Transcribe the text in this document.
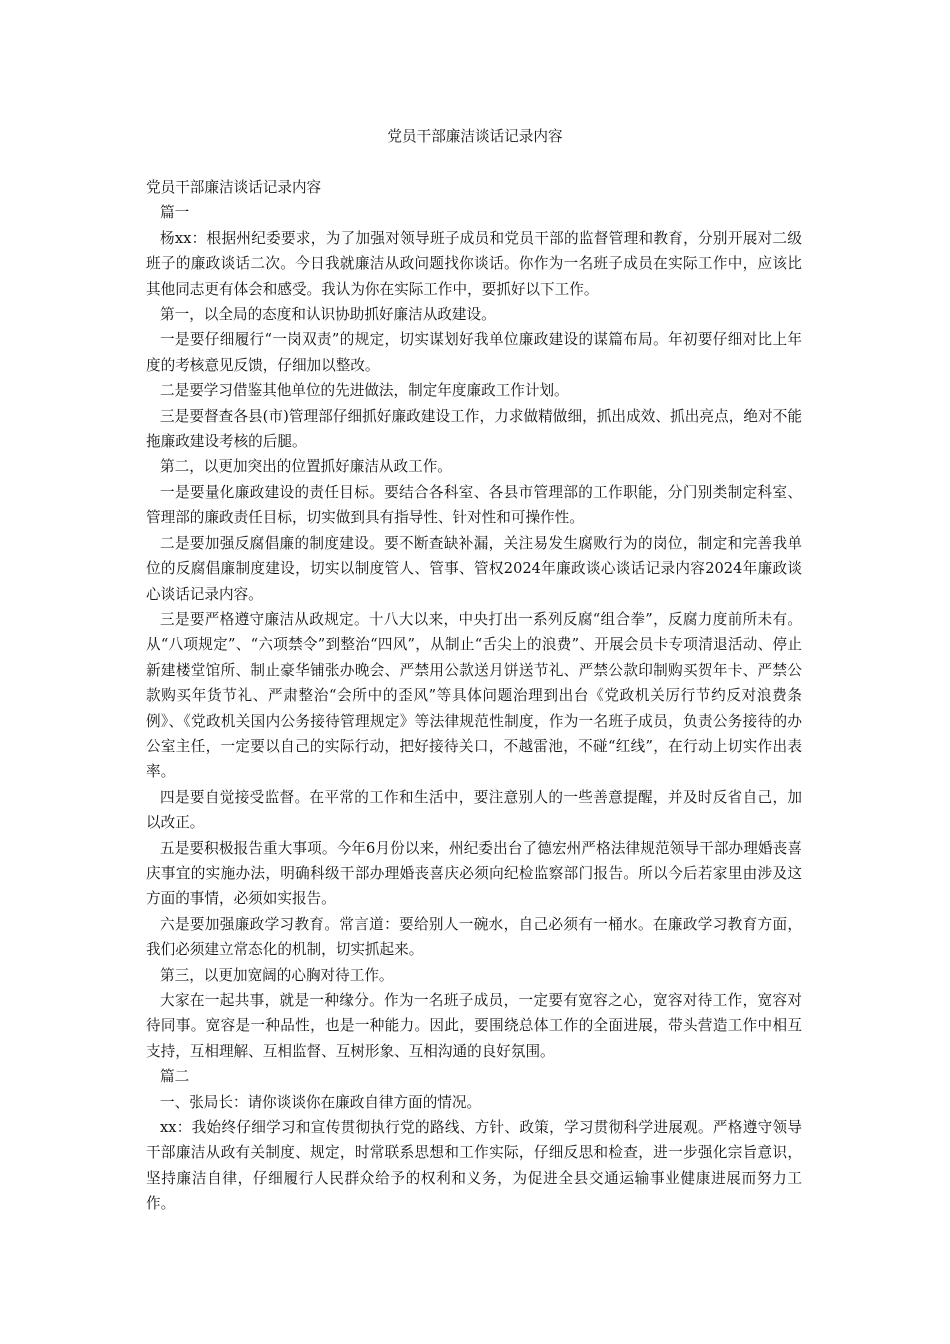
党员干部廉洁谈话记录内容

党员干部廉洁谈话记录内容

篇一

杨xx：根据州纪委要求，为了加强对领导班子成员和党员干部的监督管理和教育，分别开展对二级班子的廉政谈话二次。今日我就廉洁从政问题找你谈话。你作为一名班子成员在实际工作中，应该比其他同志更有体会和感受。我认为你在实际工作中，要抓好以下工作。

第一，以全局的态度和认识协助抓好廉洁从政建设。

一是要仔细履行“一岗双责”的规定，切实谋划好我单位廉政建设的谋篇布局。年初要仔细对比上年度的考核意见反馈，仔细加以整改。

二是要学习借鉴其他单位的先进做法，制定年度廉政工作计划。

三是要督查各县(市)管理部仔细抓好廉政建设工作，力求做精做细，抓出成效、抓出亮点，绝对不能拖廉政建设考核的后腿。

第二，以更加突出的位置抓好廉洁从政工作。

一是要量化廉政建设的责任目标。要结合各科室、各县市管理部的工作职能，分门别类制定科室、管理部的廉政责任目标，切实做到具有指导性、针对性和可操作性。

二是要加强反腐倡廉的制度建设。要不断查缺补漏，关注易发生腐败行为的岗位，制定和完善我单位的反腐倡廉制度建设，切实以制度管人、管事、管权2024年廉政谈心谈话记录内容2024年廉政谈心谈话记录内容。

三是要严格遵守廉洁从政规定。十八大以来，中央打出一系列反腐“组合拳”，反腐力度前所未有。从“八项规定”、“六项禁令”到整治“四风”，从制止“舌尖上的浪费”、开展会员卡专项清退活动、停止新建楼堂馆所、制止豪华铺张办晚会、严禁用公款送月饼送节礼、严禁公款印制购买贺年卡、严禁公款购买年货节礼、严肃整治“会所中的歪风”等具体问题治理到出台《党政机关厉行节约反对浪费条例》、《党政机关国内公务接待管理规定》等法律规范性制度，作为一名班子成员，负责公务接待的办公室主任，一定要以自己的实际行动，把好接待关口，不越雷池，不碰“红线”，在行动上切实作出表率。

四是要自觉接受监督。在平常的工作和生活中，要注意别人的一些善意提醒，并及时反省自己，加以改正。

五是要积极报告重大事项。今年6月份以来，州纪委出台了德宏州严格法律规范领导干部办理婚丧喜庆事宜的实施办法，明确科级干部办理婚丧喜庆必须向纪检监察部门报告。所以今后若家里由涉及这方面的事情，必须如实报告。

六是要加强廉政学习教育。常言道：要给别人一碗水，自己必须有一桶水。在廉政学习教育方面，我们必须建立常态化的机制，切实抓起来。

第三，以更加宽阔的心胸对待工作。

大家在一起共事，就是一种缘分。作为一名班子成员，一定要有宽容之心，宽容对待工作，宽容对待同事。宽容是一种品性，也是一种能力。因此，要围绕总体工作的全面进展，带头营造工作中相互支持，互相理解、互相监督、互树形象、互相沟通的良好氛围。

篇二

一、张局长：请你谈谈你在廉政自律方面的情况。

xx：我始终仔细学习和宣传贯彻执行党的路线、方针、政策，学习贯彻科学进展观。严格遵守领导干部廉洁从政有关制度、规定，时常联系思想和工作实际，仔细反思和检查，进一步强化宗旨意识，坚持廉洁自律，仔细履行人民群众给予的权利和义务，为促进全县交通运输事业健康进展而努力工作。
